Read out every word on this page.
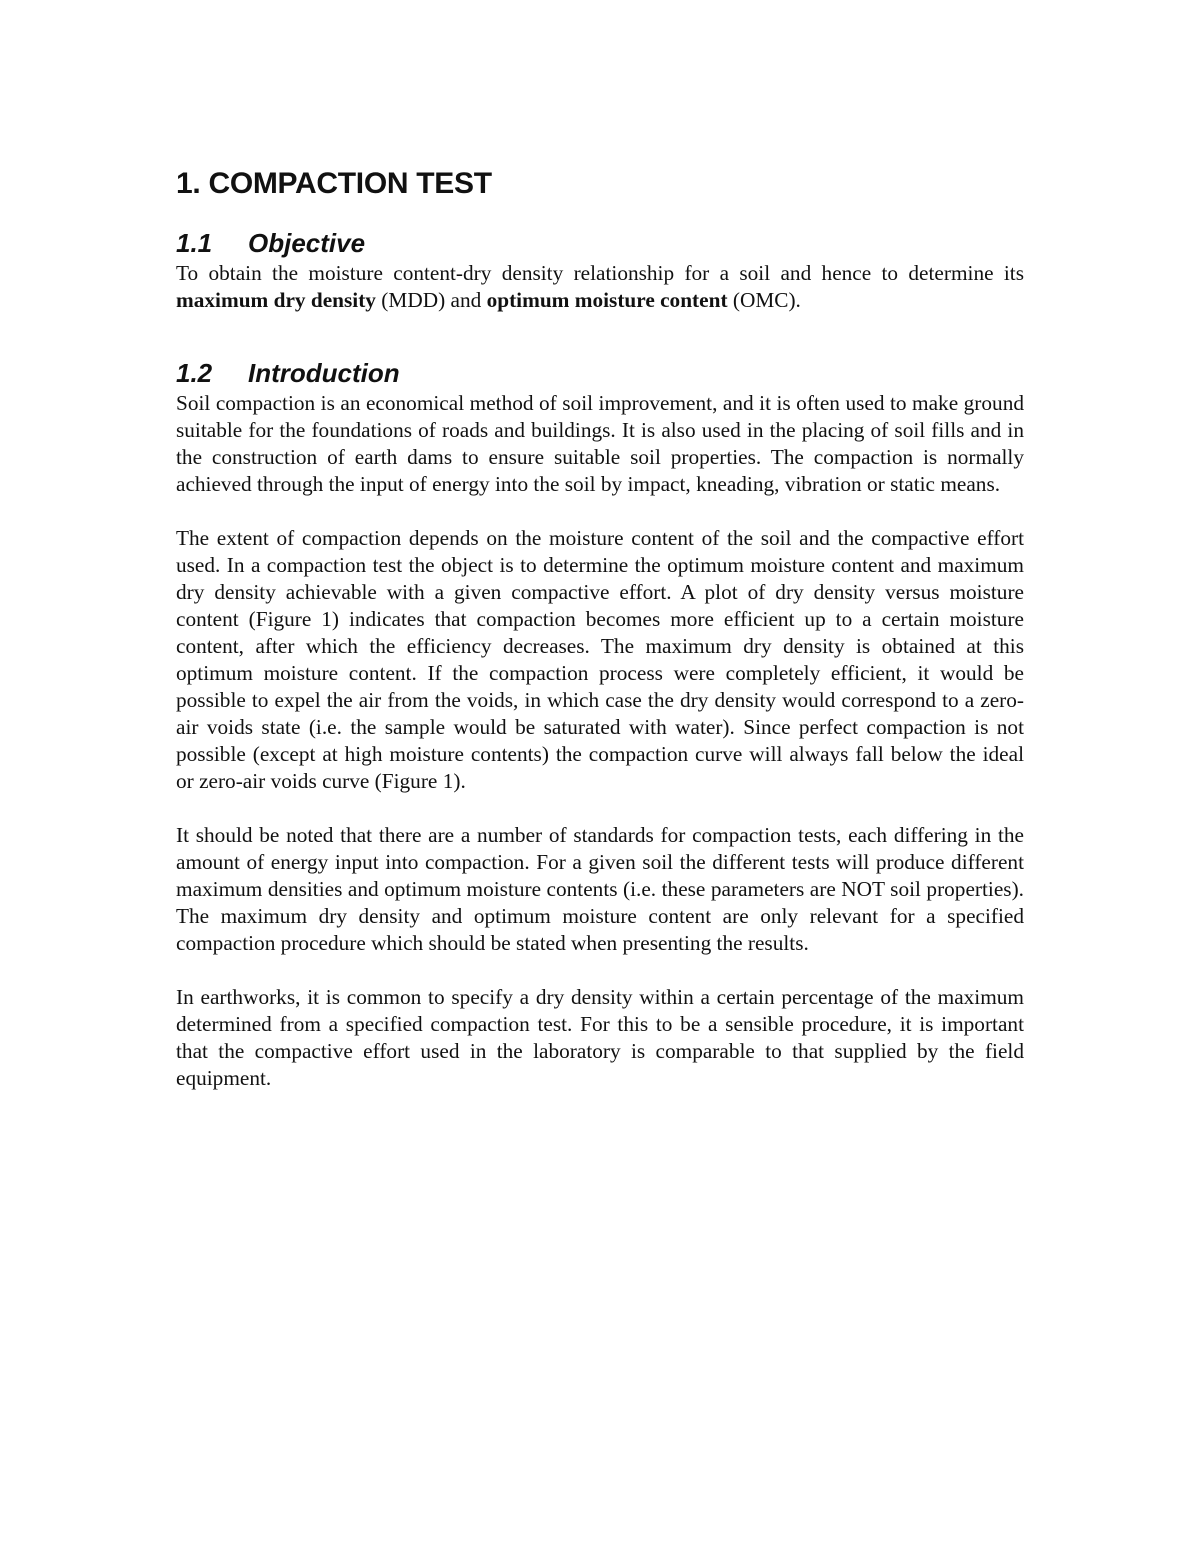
1. COMPACTION TEST
1.1	Objective

To obtain the moisture content-dry density relationship for a soil and hence to determine its maximum dry density (MDD) and optimum moisture content (OMC).

1.2	Introduction

Soil compaction is an economical method of soil improvement, and it is often used to make ground suitable for the foundations of roads and buildings. It is also used in the placing of soil fills and in the construction of earth dams to ensure suitable soil properties. The compaction is normally achieved through the input of energy into the soil by impact, kneading, vibration or static means.

The extent of compaction depends on the moisture content of the soil and the compactive effort used. In a compaction test the object is to determine the optimum moisture content and maximum dry density achievable with a given compactive effort. A plot of dry density versus moisture content (Figure 1) indicates that compaction becomes more efficient up to a certain moisture content, after which the efficiency decreases. The maximum dry density is obtained at this optimum moisture content. If the compaction process were completely efficient, it would be possible to expel the air from the voids, in which case the dry density would correspond to a zero-air voids state (i.e. the sample would be saturated with water). Since perfect compaction is not possible (except at high moisture contents) the compaction curve will always fall below the ideal or zero-air voids curve (Figure 1).

It should be noted that there are a number of standards for compaction tests, each differing in the amount of energy input into compaction. For a given soil the different tests will produce different maximum densities and optimum moisture contents (i.e. these parameters are NOT soil properties). The maximum dry density and optimum moisture content are only relevant for a specified compaction procedure which should be stated when presenting the results.

In earthworks, it is common to specify a dry density within a certain percentage of the maximum determined from a specified compaction test. For this to be a sensible procedure, it is important that the compactive effort used in the laboratory is comparable to that supplied by the field equipment.
